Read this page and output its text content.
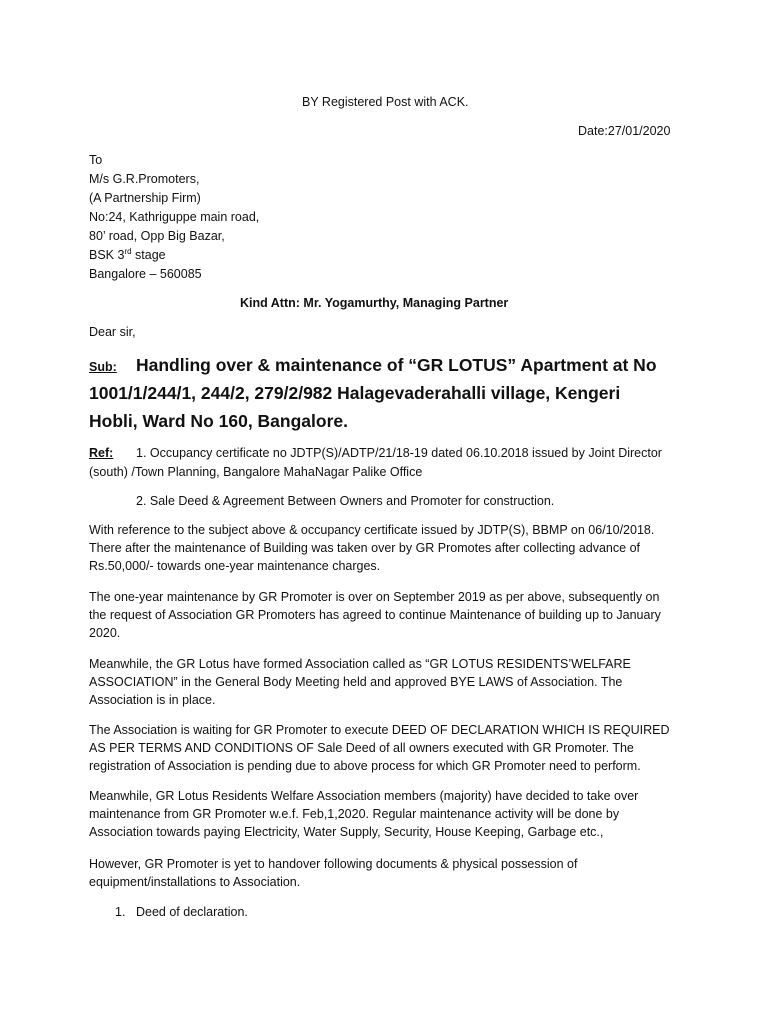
BY Registered Post with ACK.
Date:27/01/2020
To
M/s G.R.Promoters,
(A Partnership Firm)
No:24, Kathriguppe main road,
80’ road, Opp Big Bazar,
BSK 3rd stage
Bangalore – 560085
Kind Attn: Mr. Yogamurthy, Managing Partner
Dear sir,
Sub: Handling over & maintenance of “GR LOTUS” Apartment at No
1001/1/244/1, 244/2, 279/2/982 Halagevaderahalli village, Kengeri
Hobli, Ward No 160, Bangalore.
Ref: 1. Occupancy certificate no JDTP(S)/ADTP/21/18-19 dated 06.10.2018 issued by Joint Director
(south) /Town Planning, Bangalore MahaNagar Palike Office
2. Sale Deed & Agreement Between Owners and Promoter for construction.
With reference to the subject above & occupancy certificate issued by JDTP(S), BBMP on 06/10/2018. There after the maintenance of Building was taken over by GR Promotes after collecting advance of Rs.50,000/- towards one-year maintenance charges.
The one-year maintenance by GR Promoter is over on September 2019 as per above, subsequently on the request of Association GR Promoters has agreed to continue Maintenance of building up to January 2020.
Meanwhile, the GR Lotus have formed Association called as “GR LOTUS RESIDENTS’WELFARE ASSOCIATION” in the General Body Meeting held and approved BYE LAWS of Association. The Association is in place.
The Association is waiting for GR Promoter to execute DEED OF DECLARATION WHICH IS REQUIRED AS PER TERMS AND CONDITIONS OF Sale Deed of all owners executed with GR Promoter. The registration of Association is pending due to above process for which GR Promoter need to perform.
Meanwhile, GR Lotus Residents Welfare Association members (majority) have decided to take over maintenance from GR Promoter w.e.f. Feb,1,2020. Regular maintenance activity will be done by Association towards paying Electricity, Water Supply, Security, House Keeping, Garbage etc.,
However, GR Promoter is yet to handover following documents & physical possession of equipment/installations to Association.
1. Deed of declaration.
